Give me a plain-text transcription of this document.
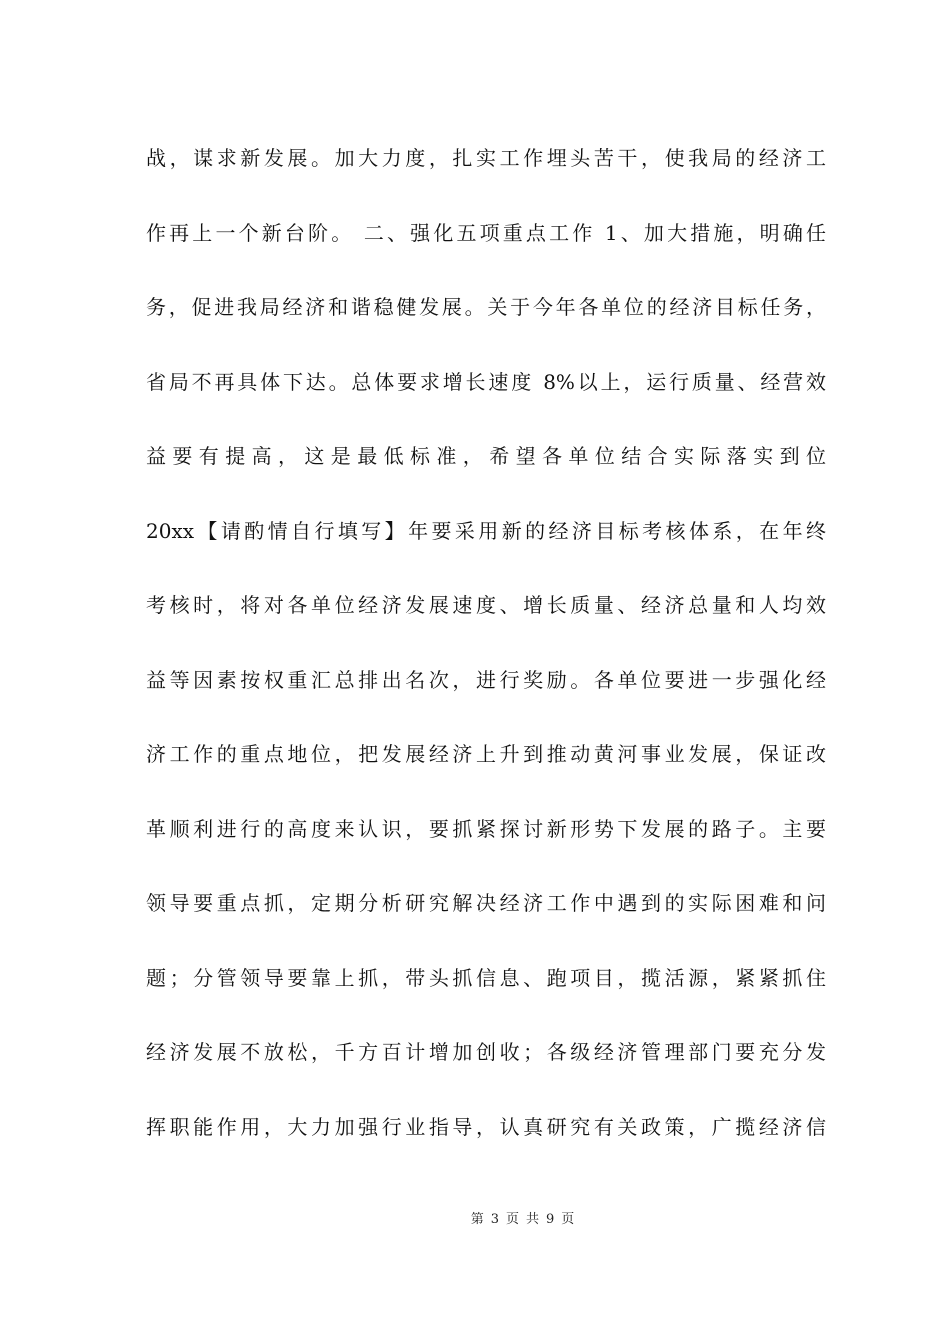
战，谋求新发展。加大力度，扎实工作埋头苦干，使我局的经济工
作再上一个新台阶。 二、强化五项重点工作 1、加大措施，明确任
务，促进我局经济和谐稳健发展。关于今年各单位的经济目标任务，
省局不再具体下达。总体要求增长速度 8%以上，运行质量、经营效
益要有提高，这是最低标准，希望各单位结合实际落实到位
20xx【请酌情自行填写】年要采用新的经济目标考核体系，在年终
考核时，将对各单位经济发展速度、增长质量、经济总量和人均效
益等因素按权重汇总排出名次，进行奖励。各单位要进一步强化经
济工作的重点地位，把发展经济上升到推动黄河事业发展，保证改
革顺利进行的高度来认识，要抓紧探讨新形势下发展的路子。主要
领导要重点抓，定期分析研究解决经济工作中遇到的实际困难和问
题；分管领导要靠上抓，带头抓信息、跑项目，揽活源，紧紧抓住
经济发展不放松，千方百计增加创收；各级经济管理部门要充分发
挥职能作用，大力加强行业指导，认真研究有关政策，广揽经济信
第 3 页 共 9 页
